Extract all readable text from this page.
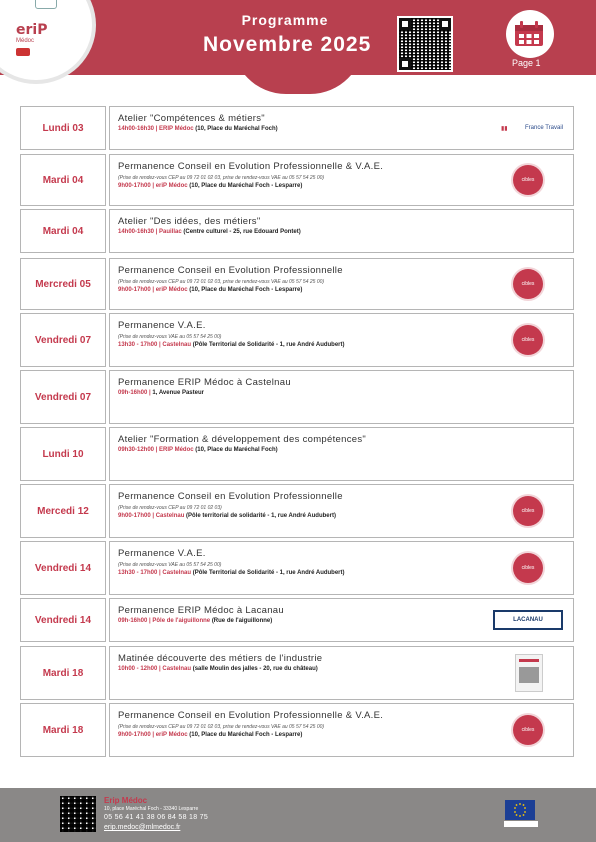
eriP
Médoc
Programme
Novembre 2025
Page 1
Lundi 03
Atelier "Compétences & métiers"
14h00-16h30 | ERIP Médoc (10, Place du Maréchal Foch)	▮▮	France Travail
Mardi 04
Permanence Conseil en Evolution Professionnelle & V.A.E.
(Prise de rendez-vous CEP au 09 72 01 02 03, prise de rendez-vous VAE au 05 57 54 25 00)
9h00-17h00 | eriP Médoc (10, Place du Maréchal Foch - Lesparre)
cibles
Mardi 04
Atelier "Des idées, des métiers"
14h00-16h30 | Pauillac (Centre culturel - 25, rue Edouard Pontet)
Mercredi 05
Permanence Conseil en Evolution Professionnelle
(Prise de rendez-vous CEP au 09 72 01 02 03, prise de rendez-vous VAE au 05 57 54 25 00)
9h00-17h00 | eriP Médoc (10, Place du Maréchal Foch - Lesparre)
cibles
Vendredi 07
Permanence V.A.E.
(Prise de rendez-vous VAE au 05 57 54 25 00)
13h30 - 17h00 | Castelnau (Pôle Territorial de Solidarité - 1, rue André Audubert)
cibles
Vendredi 07
Permanence ERIP Médoc à Castelnau
09h-16h00 | 1, Avenue Pasteur
Lundi 10
Atelier "Formation & développement des compétences"
09h30-12h00 | ERIP Médoc (10, Place du Maréchal Foch)
Mercedi 12
Permanence Conseil en Evolution Professionnelle
(Prise de rendez-vous CEP au 09 72 01 02 03)
9h00-17h00 | Castelnau (Pôle territorial de solidarité - 1, rue André Audubert)
cibles
Vendredi 14
Permanence V.A.E.
(Prise de rendez-vous VAE au 05 57 54 25 00)
13h30 - 17h00 | Castelnau (Pôle Territorial de Solidarité - 1, rue André Audubert)
cibles
Vendredi 14
Permanence ERIP Médoc à Lacanau
09h-16h00 | Pôle de l'aiguillonne (Rue de l'aiguillonne)	LACANAU
Mardi 18
Matinée découverte des métiers de l'industrie
10h00 - 12h00 | Castelnau (salle Moulin des jalles - 20, rue du château)
Mardi 18
Permanence Conseil en Evolution Professionnelle & V.A.E.
(Prise de rendez-vous CEP au 09 72 01 02 03, prise de rendez-vous VAE au 05 57 54 25 00)
9h00-17h00 | eriP Médoc (10, Place du Maréchal Foch - Lesparre)
cibles
Erip Médoc
10, place Maréchal Foch - 33340 Lesparre
05 56 41 41 38 06 84 58 18 75
erip.medoc@mlmedoc.fr
